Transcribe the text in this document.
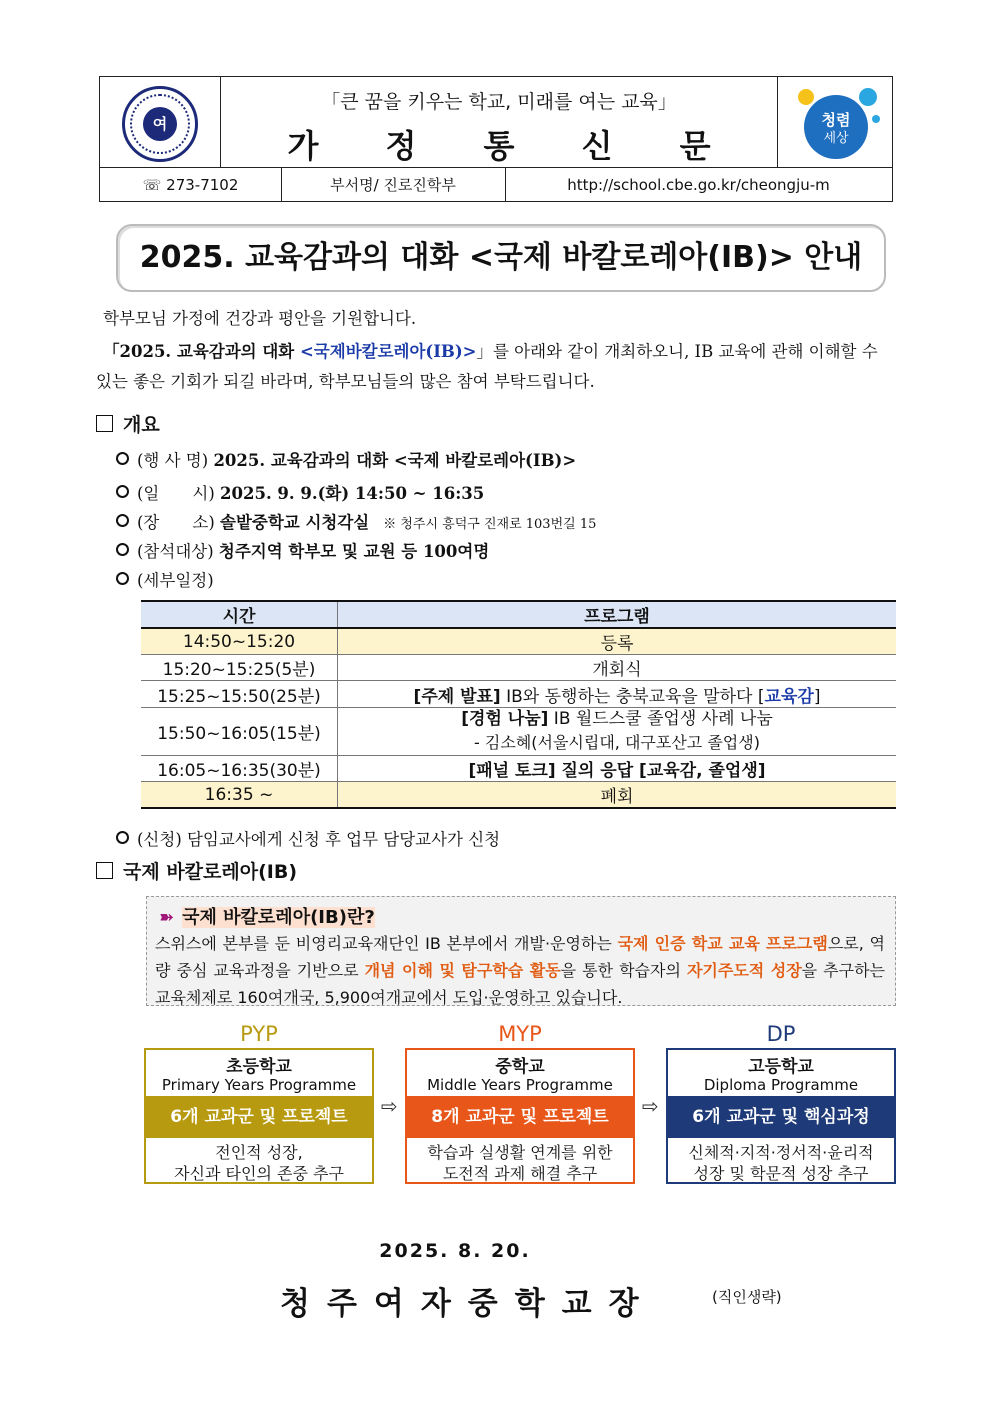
여
「큰 꿈을 키우는 학교, 미래를 여는 교육」
가 정 통 신 문
청렴
세상
☏ 273-7102	부서명/ 진로진학부	http://school.cbe.go.kr/cheongju-m
2025. 교육감과의 대화 <국제 바칼로레아(IB)> 안내
학부모님 가정에 건강과 평안을 기원합니다.
「2025. 교육감과의 대화 <국제바칼로레아(IB)>」를 아래와 같이 개최하오니, IB 교육에 관해 이해할 수
있는 좋은 기회가 되길 바라며, 학부모님들의 많은 참여 부탁드립니다.
개요
(행 사 명) 2025. 교육감과의 대화 <국제 바칼로레아(IB)>
(일　　시) 2025. 9. 9.(화) 14:50 ~ 16:35
(장　　소) 솔밭중학교 시청각실 ※ 청주시 흥덕구 진재로 103번길 15
(참석대상) 청주지역 학부모 및 교원 등 100여명
(세부일정)
시간	프로그램
14:50~15:20	등록
15:20~15:25(5분)	개회식
15:25~15:50(25분)	[주제 발표] IB와 동행하는 충북교육을 말하다 [교육감]
15:50~16:05(15분)	[경험 나눔] IB 월드스쿨 졸업생 사례 나눔
- 김소혜(서울시립대, 대구포산고 졸업생)
16:05~16:35(30분)	[패널 토크] 질의 응답 [교육감, 졸업생]
16:35 ~	폐회
(신청) 담임교사에게 신청 후 업무 담당교사가 신청
국제 바칼로레아(IB)
➽ 국제 바칼로레아(IB)란?
스위스에 본부를 둔 비영리교육재단인 IB 본부에서 개발·운영하는 국제 인증 학교 교육 프로그램으로, 역량 중심 교육과정을 기반으로 개념 이해 및 탐구학습 활동을 통한 학습자의 자기주도적 성장을 추구하는 교육체제로 160여개국, 5,900여개교에서 도입·운영하고 있습니다.
PYP
초등학교
Primary Years Programme
6개 교과군 및 프로젝트
전인적 성장,
자신과 타인의 존중 추구
⇨
MYP
중학교
Middle Years Programme
8개 교과군 및 프로젝트
학습과 실생활 연계를 위한
도전적 과제 해결 추구
⇨
DP
고등학교
Diploma Programme
6개 교과군 및 핵심과정
신체적·지적·정서적·윤리적
성장 및 학문적 성장 추구
2025. 8. 20.
청주여자중학교장	(직인생략)
